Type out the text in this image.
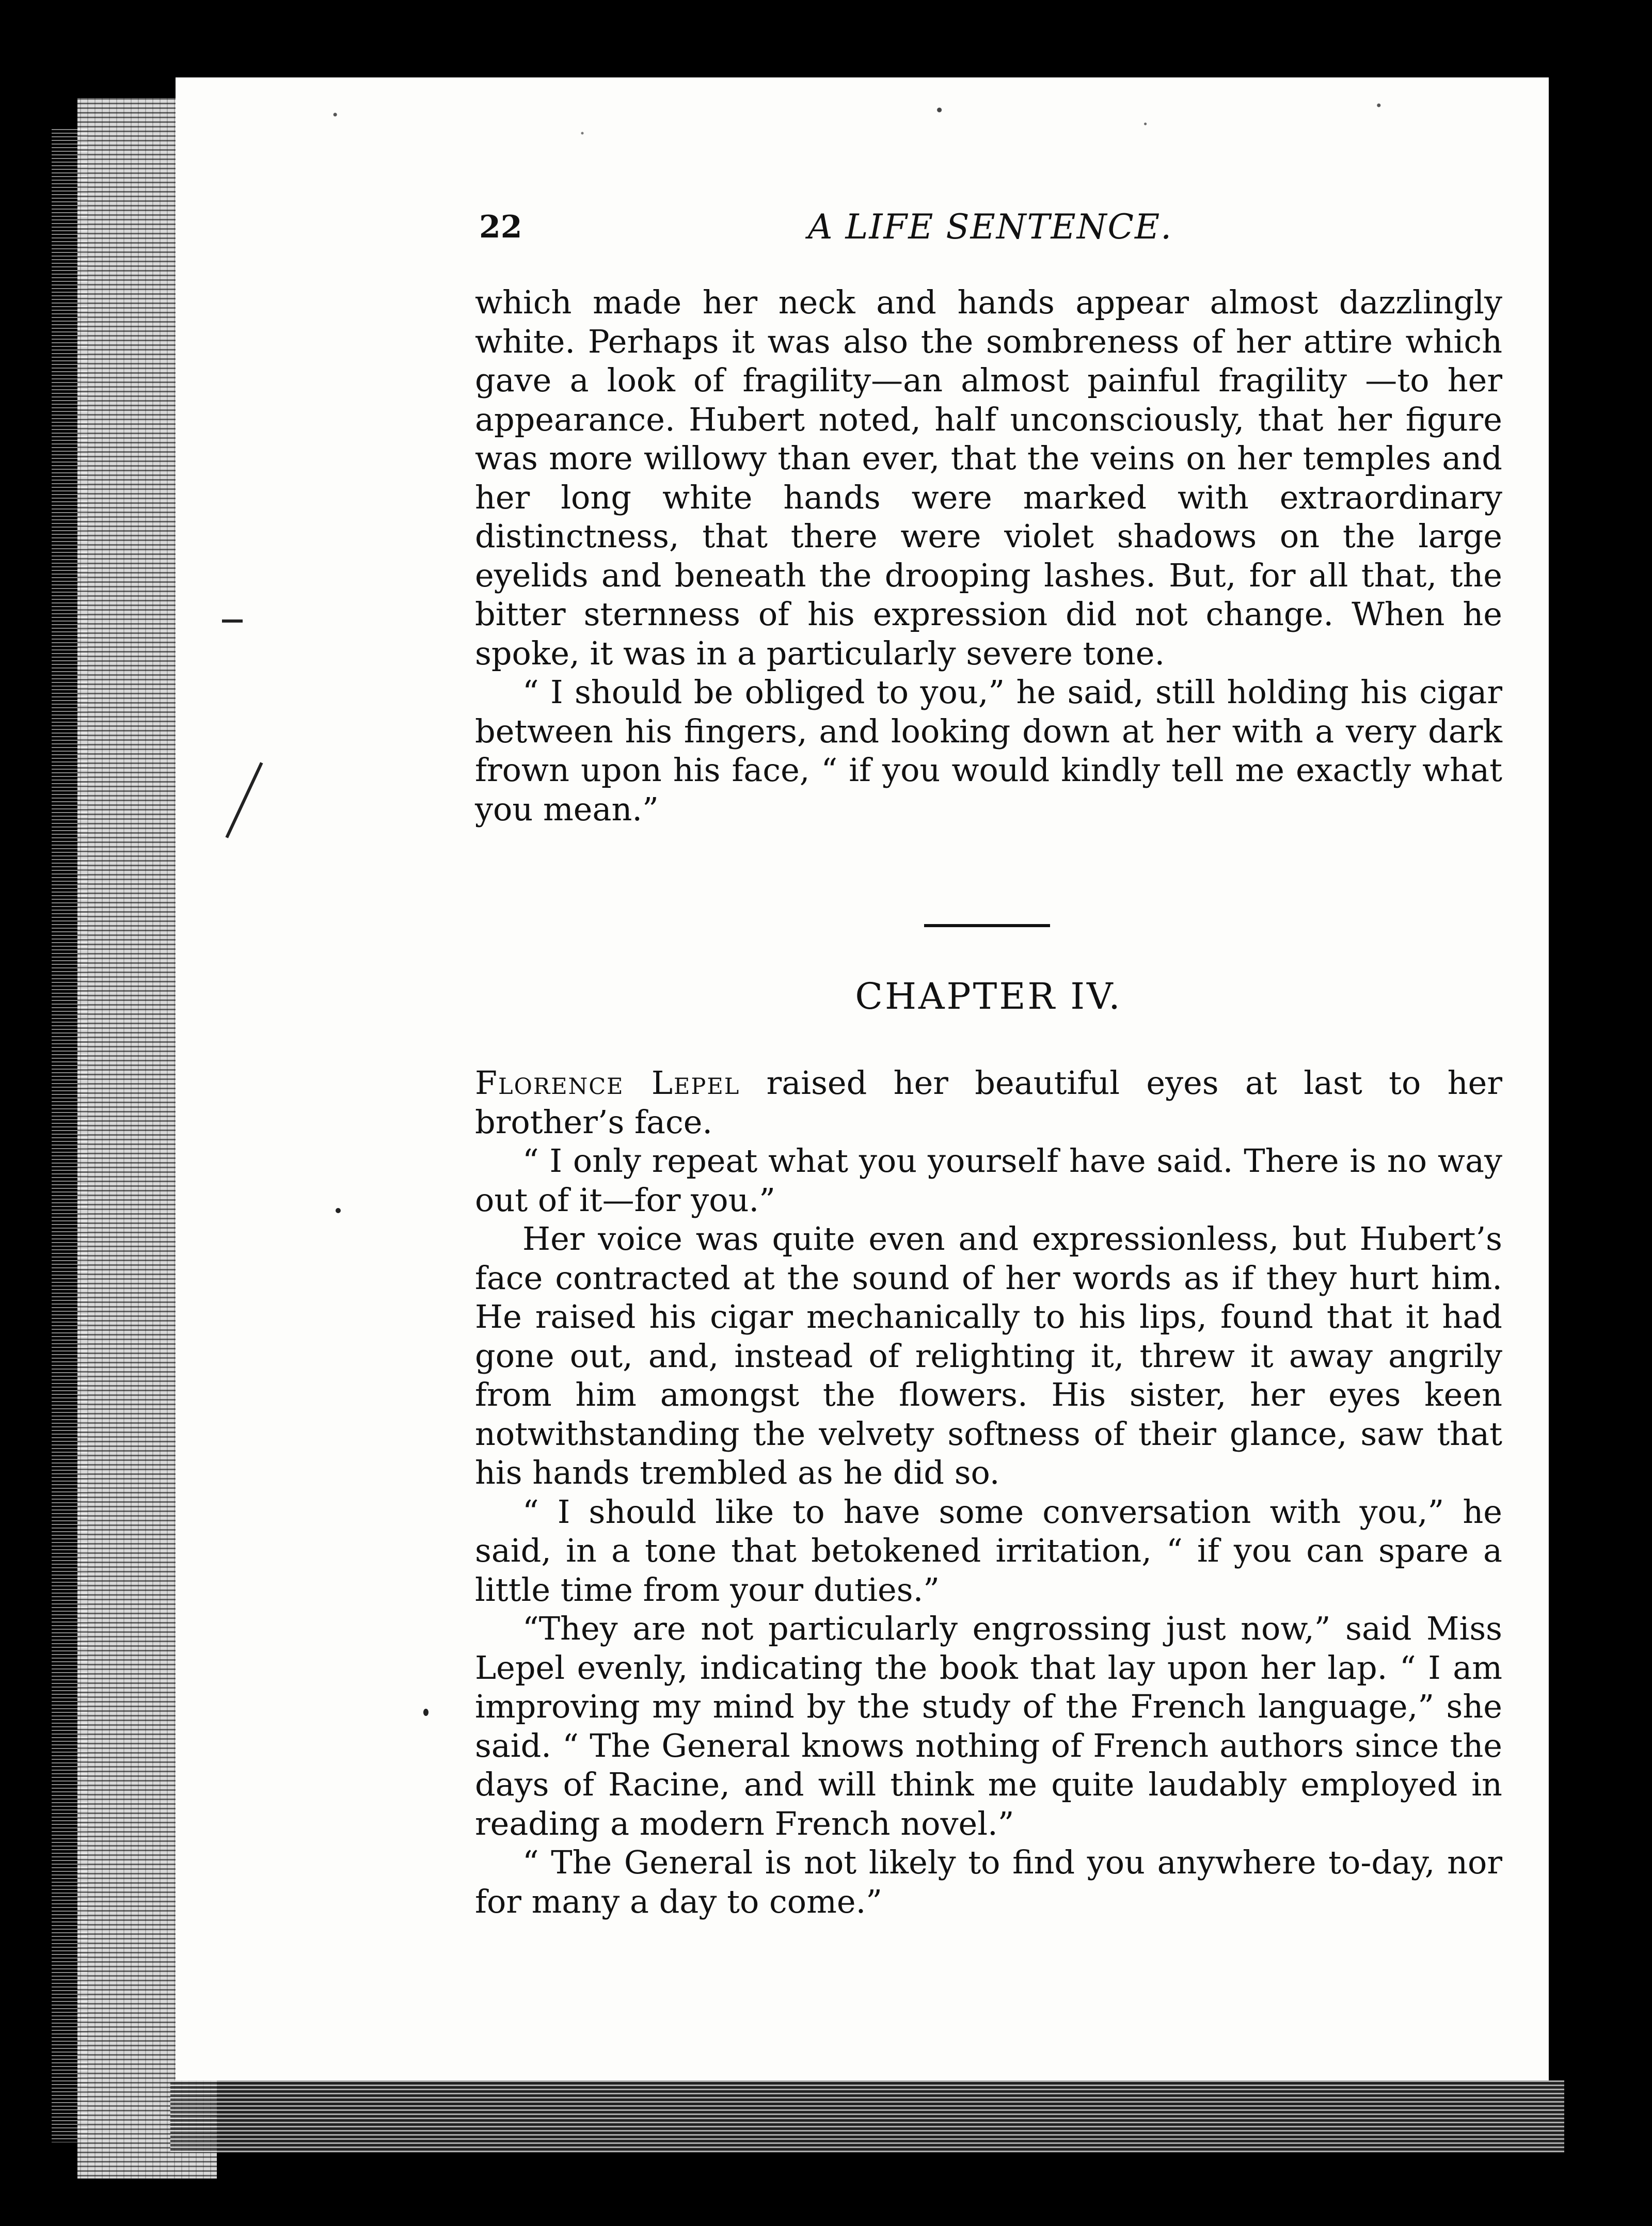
22	A LIFE SENTENCE.

which made her neck and hands appear almost dazzlingly white. Perhaps it was also the sombreness of her attire which gave a look of fragility—an almost painful fragility —to her appearance. Hubert noted, half unconsciously, that her figure was more willowy than ever, that the veins on her temples and her long white hands were marked with extraordinary distinctness, that there were violet shadows on the large eyelids and beneath the drooping lashes. But, for all that, the bitter sternness of his expression did not change. When he spoke, it was in a particularly severe tone.

“ I should be obliged to you,” he said, still holding his cigar between his fingers, and looking down at her with a very dark frown upon his face, “ if you would kindly tell me exactly what you mean.”

CHAPTER IV.

Florence Lepel raised her beautiful eyes at last to her brother’s face.

“ I only repeat what you yourself have said. There is no way out of it—for you.”

Her voice was quite even and expressionless, but Hubert’s face contracted at the sound of her words as if they hurt him. He raised his cigar mechanically to his lips, found that it had gone out, and, instead of relighting it, threw it away angrily from him amongst the flowers. His sister, her eyes keen notwithstanding the velvety softness of their glance, saw that his hands trembled as he did so.

“ I should like to have some conversation with you,” he said, in a tone that betokened irritation, “ if you can spare a little time from your duties.”

“They are not particularly engrossing just now,” said Miss Lepel evenly, indicating the book that lay upon her lap. “ I am improving my mind by the study of the French language,” she said. “ The General knows nothing of French authors since the days of Racine, and will think me quite laudably employed in reading a modern French novel.”

“ The General is not likely to find you anywhere to-day, nor for many a day to come.”
